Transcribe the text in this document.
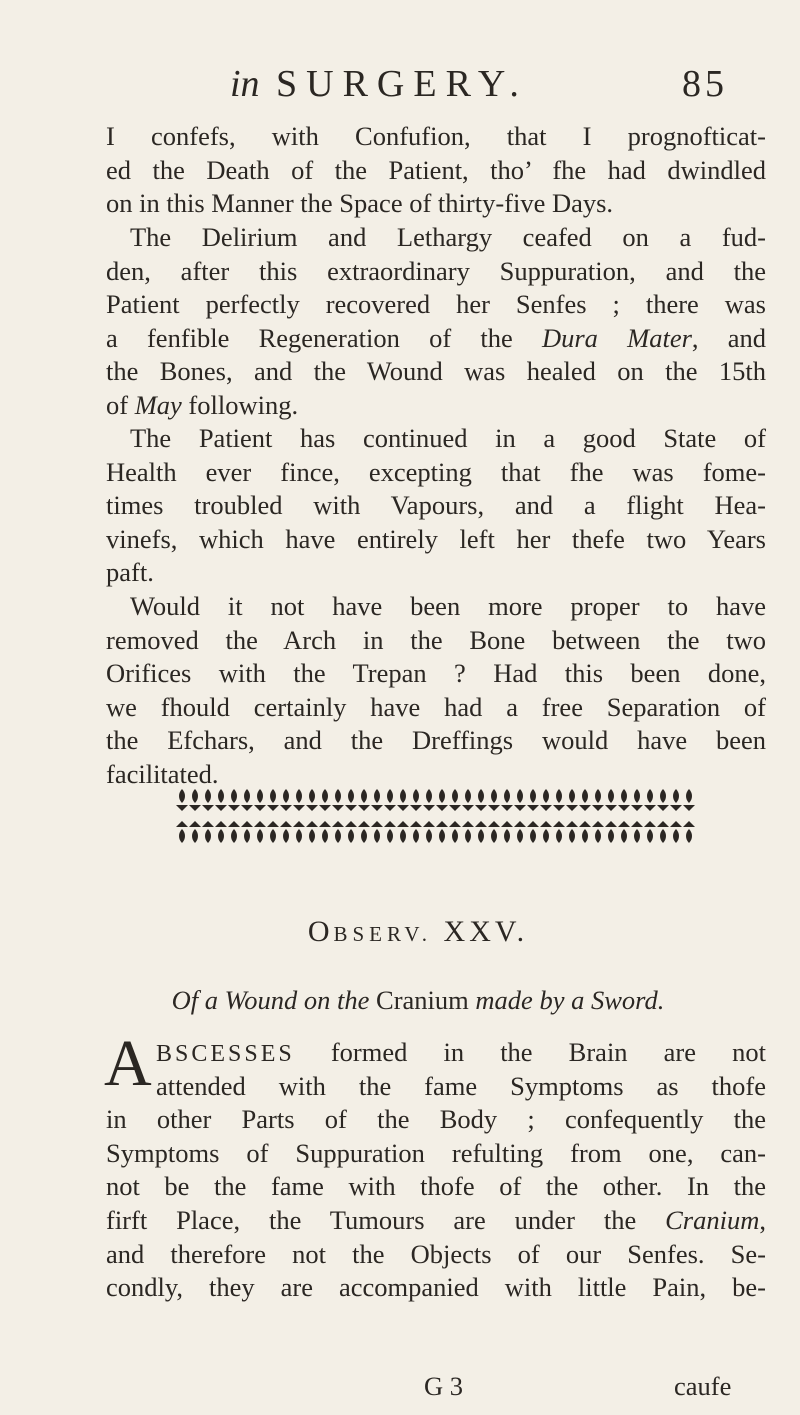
in SURGERY.	85
I confefs, with Confufion, that I prognofticat-
ed the Death of the Patient, tho’ fhe had dwindled
on in this Manner the Space of thirty-five Days.
The Delirium and Lethargy ceafed on a fud-
den, after this extraordinary Suppuration, and the
Patient perfectly recovered her Senfes ; there was
a fenfible Regeneration of the Dura Mater, and
the Bones, and the Wound was healed on the 15th
of May following.
The Patient has continued in a good State of
Health ever fince, excepting that fhe was fome-
times troubled with Vapours, and a flight Hea-
vinefs, which have entirely left her thefe two Years
paft.
Would it not have been more proper to have
removed the Arch in the Bone between the two
Orifices with the Trepan ? Had this been done,
we fhould certainly have had a free Separation of
the Efchars, and the Dreffings would have been
facilitated.
OBSERV. XXV.
Of a Wound on the Cranium made by a Sword.
A BSCESSES formed in the Brain are not
attended with the fame Symptoms as thofe
in other Parts of the Body ; confequently the
Symptoms of Suppuration refulting from one, can-
not be the fame with thofe of the other. In the
firft Place, the Tumours are under the Cranium,
and therefore not the Objects of our Senfes. Se-
condly, they are accompanied with little Pain, be-
G 3	caufe
